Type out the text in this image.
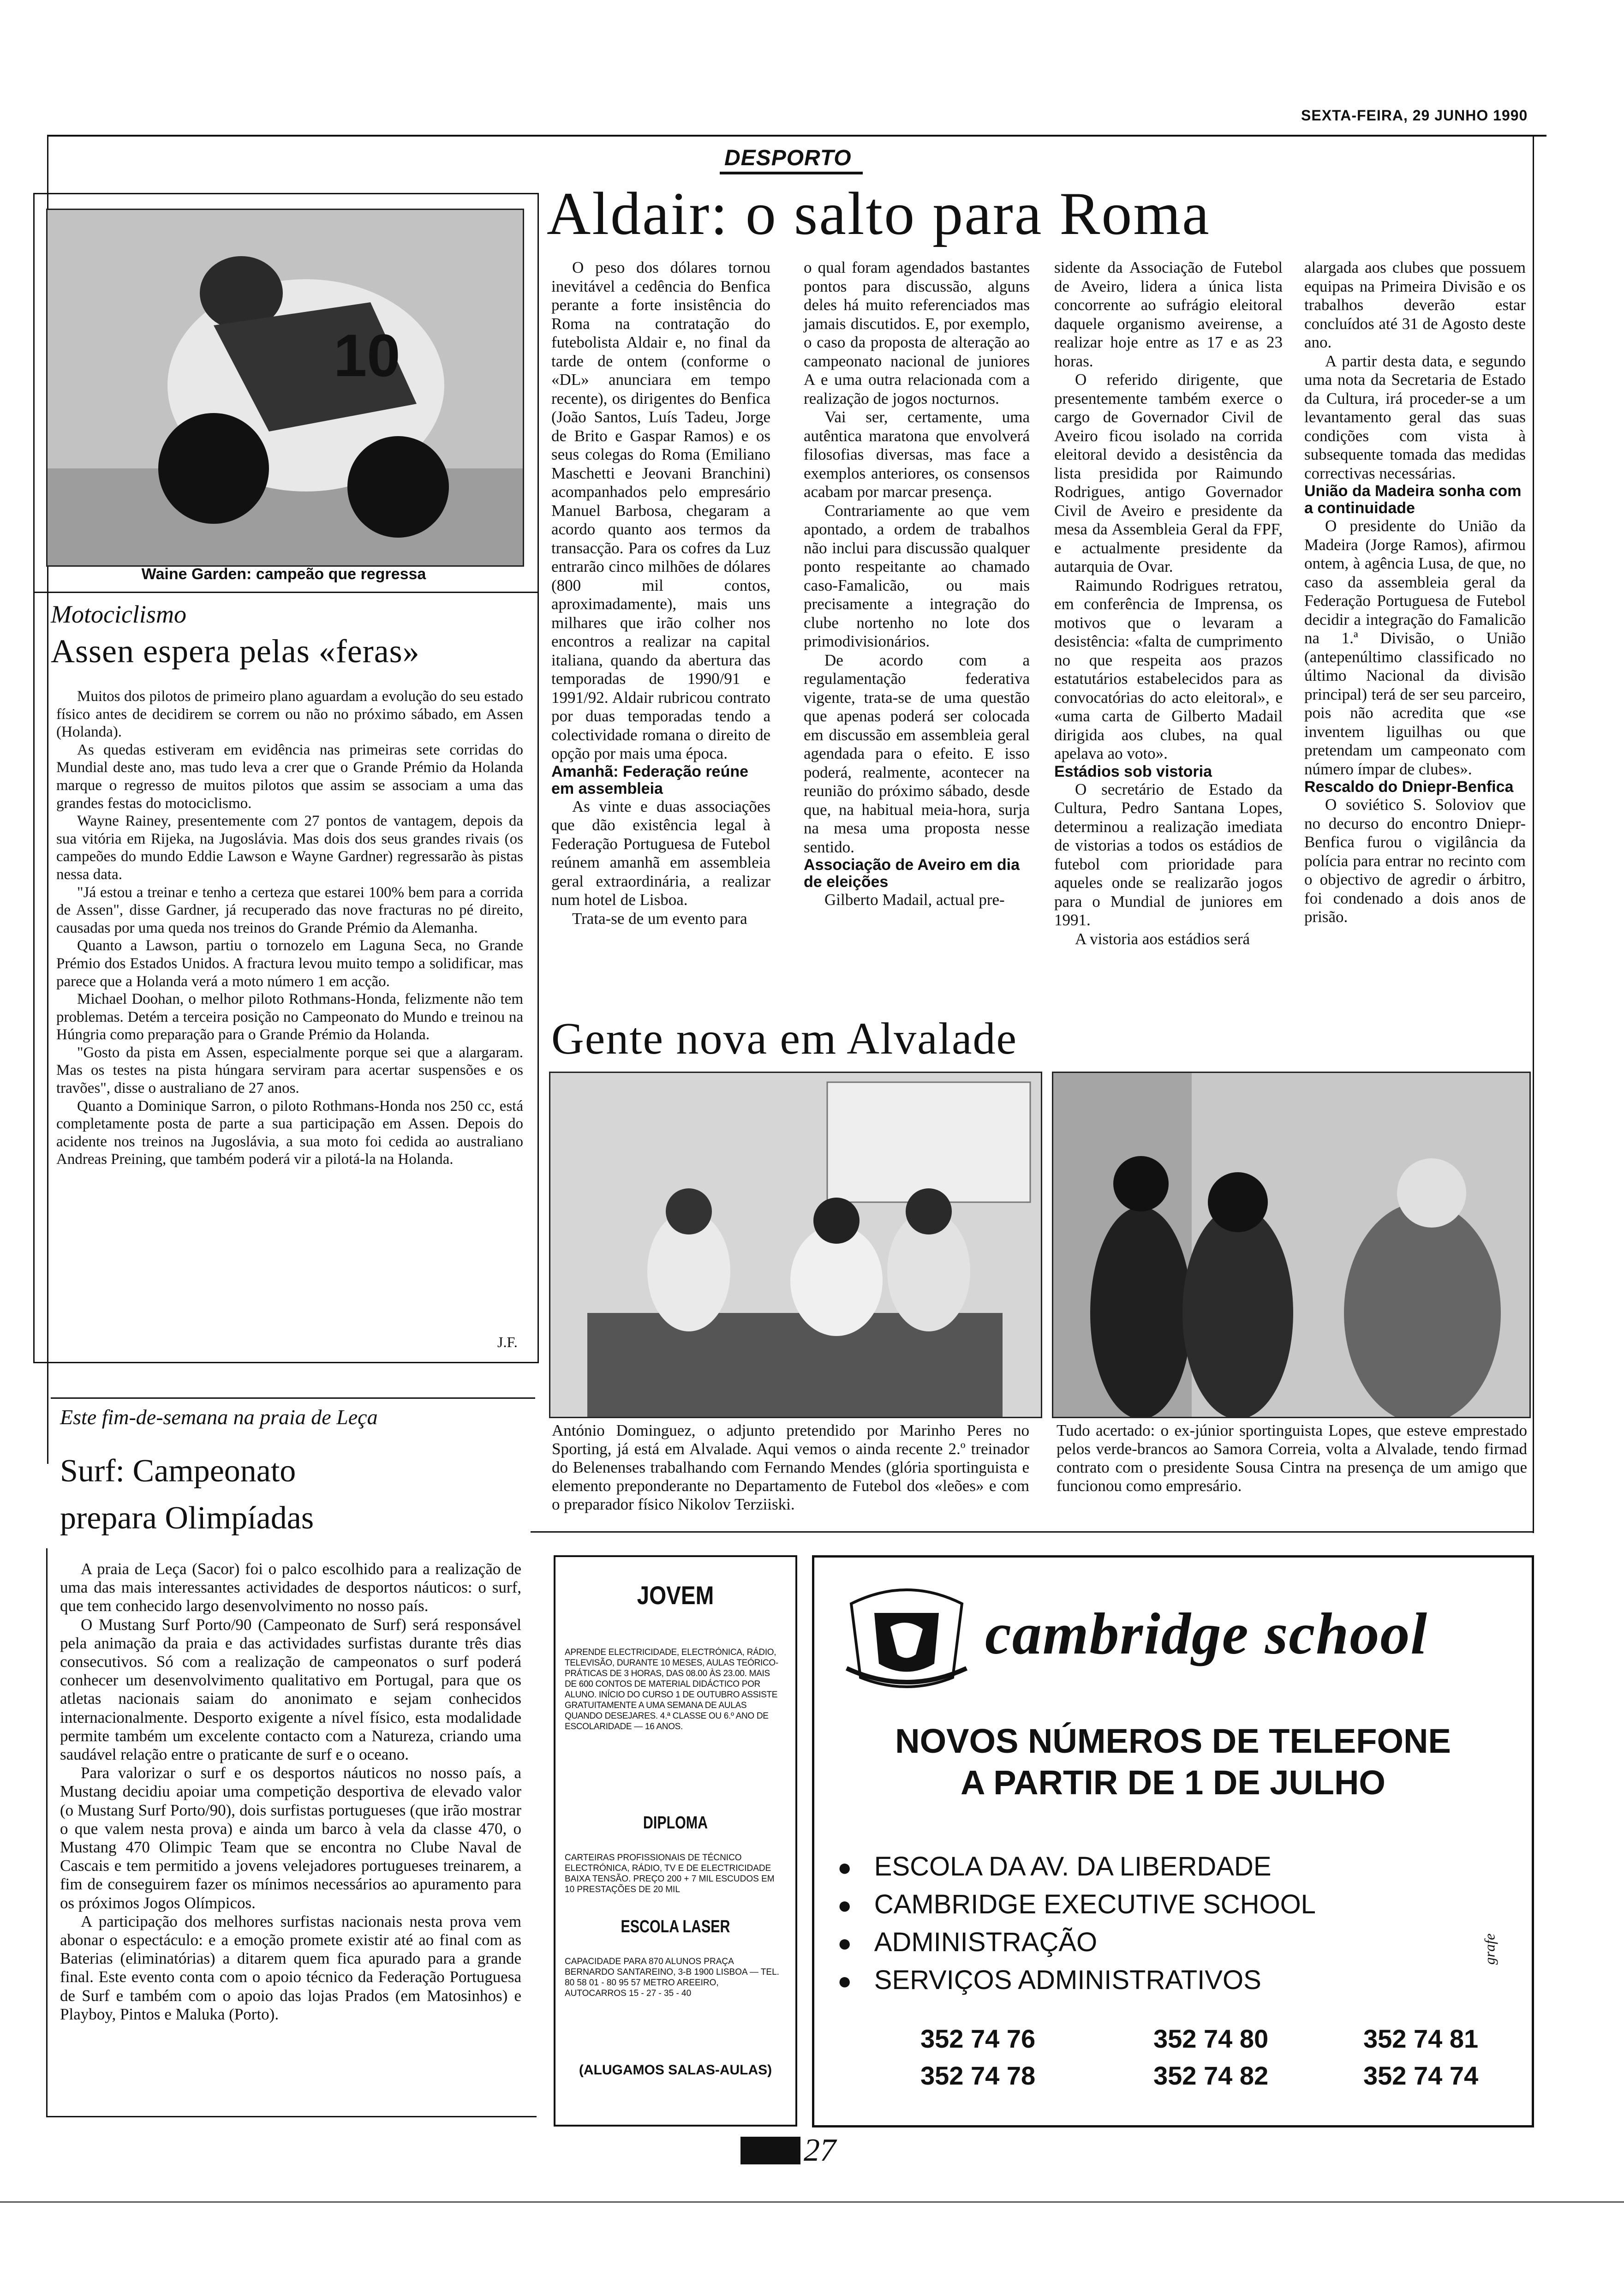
SEXTA-FEIRA, 29 JUNHO 1990
DESPORTO
10
Waine Garden: campeão que regressa
Motociclismo
Assen espera pelas «feras»

Muitos dos pilotos de primeiro plano aguardam a evolução do seu estado físico antes de decidirem se correm ou não no próximo sábado, em Assen (Holanda).

As quedas estiveram em evidência nas primeiras sete corridas do Mundial deste ano, mas tudo leva a crer que o Grande Prémio da Holanda marque o regresso de muitos pilotos que assim se associam a uma das grandes festas do motociclismo.

Wayne Rainey, presentemente com 27 pontos de vantagem, depois da sua vitória em Rijeka, na Jugoslávia. Mas dois dos seus grandes rivais (os campeões do mundo Eddie Lawson e Wayne Gardner) regressarão às pistas nessa data.

"Já estou a treinar e tenho a certeza que estarei 100% bem para a corrida de Assen", disse Gardner, já recuperado das nove fracturas no pé direito, causadas por uma queda nos treinos do Grande Prémio da Alemanha.

Quanto a Lawson, partiu o tornozelo em Laguna Seca, no Grande Prémio dos Estados Unidos. A fractura levou muito tempo a solidificar, mas parece que a Holanda verá a moto número 1 em acção.

Michael Doohan, o melhor piloto Rothmans-Honda, felizmente não tem problemas. Detém a terceira posição no Campeonato do Mundo e treinou na Húngria como preparação para o Grande Prémio da Holanda.

"Gosto da pista em Assen, especialmente porque sei que a alargaram. Mas os testes na pista húngara serviram para acertar suspensões e os travões", disse o australiano de 27 anos.

Quanto a Dominique Sarron, o piloto Rothmans-Honda nos 250 cc, está completamente posta de parte a sua participação em Assen. Depois do acidente nos treinos na Jugoslávia, a sua moto foi cedida ao australiano Andreas Preining, que também poderá vir a pilotá-la na Holanda.

J.F.
Aldair: o salto para Roma

O peso dos dólares tornou inevitável a cedência do Benfica perante a forte insistência do Roma na contratação do futebolista Aldair e, no final da tarde de ontem (conforme o «DL» anunciara em tempo recente), os dirigentes do Benfica (João Santos, Luís Tadeu, Jorge de Brito e Gaspar Ramos) e os seus colegas do Roma (Emiliano Maschetti e Jeovani Branchini) acompanhados pelo empresário Manuel Barbosa, chegaram a acordo quanto aos termos da transacção. Para os cofres da Luz entrarão cinco milhões de dólares (800 mil contos, aproximadamente), mais uns milhares que irão colher nos encontros a realizar na capital italiana, quando da abertura das temporadas de 1990/91 e 1991/92. Aldair rubricou contrato por duas temporadas tendo a colectividade romana o direito de opção por mais uma época.

Amanhã: Federação reúne em assembleia

As vinte e duas associações que dão existência legal à Federação Portuguesa de Futebol reúnem amanhã em assembleia geral extraordinária, a realizar num hotel de Lisboa.

Trata-se de um evento para

o qual foram agendados bastantes pontos para discussão, alguns deles há muito referenciados mas jamais discutidos. E, por exemplo, o caso da proposta de alteração ao campeonato nacional de juniores A e uma outra relacionada com a realização de jogos nocturnos.

Vai ser, certamente, uma autêntica maratona que envolverá filosofias diversas, mas face a exemplos anteriores, os consensos acabam por marcar presença.

Contrariamente ao que vem apontado, a ordem de trabalhos não inclui para discussão qualquer ponto respeitante ao chamado caso-Famalicão, ou mais precisamente a integração do clube nortenho no lote dos primodivisionários.

De acordo com a regulamentação federativa vigente, trata-se de uma questão que apenas poderá ser colocada em discussão em assembleia geral agendada para o efeito. E isso poderá, realmente, acontecer na reunião do próximo sábado, desde que, na habitual meia-hora, surja na mesa uma proposta nesse sentido.

Associação de Aveiro em dia de eleições

Gilberto Madail, actual pre-

sidente da Associação de Futebol de Aveiro, lidera a única lista concorrente ao sufrágio eleitoral daquele organismo aveirense, a realizar hoje entre as 17 e as 23 horas.

O referido dirigente, que presentemente também exerce o cargo de Governador Civil de Aveiro ficou isolado na corrida eleitoral devido a desistência da lista presidida por Raimundo Rodrigues, antigo Governador Civil de Aveiro e presidente da mesa da Assembleia Geral da FPF, e actualmente presidente da autarquia de Ovar.

Raimundo Rodrigues retratou, em conferência de Imprensa, os motivos que o levaram a desistência: «falta de cumprimento no que respeita aos prazos estatutários estabelecidos para as convocatórias do acto eleitoral», e «uma carta de Gilberto Madail dirigida aos clubes, na qual apelava ao voto».

Estádios sob vistoria

O secretário de Estado da Cultura, Pedro Santana Lopes, determinou a realização imediata de vistorias a todos os estádios de futebol com prioridade para aqueles onde se realizarão jogos para o Mundial de juniores em 1991.

A vistoria aos estádios será

alargada aos clubes que possuem equipas na Primeira Divisão e os trabalhos deverão estar concluídos até 31 de Agosto deste ano.

A partir desta data, e segundo uma nota da Secretaria de Estado da Cultura, irá proceder-se a um levantamento geral das suas condições com vista à subsequente tomada das medidas correctivas necessárias.

União da Madeira sonha com a continuidade

O presidente do União da Madeira (Jorge Ramos), afirmou ontem, à agência Lusa, de que, no caso da assembleia geral da Federação Portuguesa de Futebol decidir a integração do Famalicão na 1.ª Divisão, o União (antepenúltimo classificado no último Nacional da divisão principal) terá de ser seu parceiro, pois não acredita que «se inventem liguilhas ou que pretendam um campeonato com número ímpar de clubes».

Rescaldo do Dniepr-Benfica

O soviético S. Soloviov que no decurso do encontro Dniepr-Benfica furou o vigilância da polícia para entrar no recinto com o objectivo de agredir o árbitro, foi condenado a dois anos de prisão.

Gente nova em Alvalade
António Dominguez, o adjunto pretendido por Marinho Peres no Sporting, já está em Alvalade. Aqui vemos o ainda recente 2.º treinador do Belenenses trabalhando com Fernando Mendes (glória sportinguista e elemento preponderante no Departamento de Futebol dos «leões» e com o preparador físico Nikolov Terziiski.
Tudo acertado: o ex-júnior sportinguista Lopes, que esteve emprestado pelos verde-brancos ao Samora Correia, volta a Alvalade, tendo firmad contrato com o presidente Sousa Cintra na presença de um amigo que funcionou como empresário.
Este fim-de-semana na praia de Leça
Surf: Campeonato
prepara Olimpíadas

A praia de Leça (Sacor) foi o palco escolhido para a realização de uma das mais interessantes actividades de desportos náuticos: o surf, que tem conhecido largo desenvolvimento no nosso país.

O Mustang Surf Porto/90 (Campeonato de Surf) será responsável pela animação da praia e das actividades surfistas durante três dias consecutivos. Só com a realização de campeonatos o surf poderá conhecer um desenvolvimento qualitativo em Portugal, para que os atletas nacionais saiam do anonimato e sejam conhecidos internacionalmente. Desporto exigente a nível físico, esta modalidade permite também um excelente contacto com a Natureza, criando uma saudável relação entre o praticante de surf e o oceano.

Para valorizar o surf e os desportos náuticos no nosso país, a Mustang decidiu apoiar uma competição desportiva de elevado valor (o Mustang Surf Porto/90), dois surfistas portugueses (que irão mostrar o que valem nesta prova) e ainda um barco à vela da classe 470, o Mustang 470 Olimpic Team que se encontra no Clube Naval de Cascais e tem permitido a jovens velejadores portugueses treinarem, a fim de conseguirem fazer os mínimos necessários ao apuramento para os próximos Jogos Olímpicos.

A participação dos melhores surfistas nacionais nesta prova vem abonar o espectáculo: e a emoção promete existir até ao final com as Baterias (eliminatórias) a ditarem quem fica apurado para a grande final. Este evento conta com o apoio técnico da Federação Portuguesa de Surf e também com o apoio das lojas Prados (em Matosinhos) e Playboy, Pintos e Maluka (Porto).

JOVEM
APRENDE ELECTRICIDADE, ELECTRÓNICA, RÁDIO, TELEVISÃO, DURANTE 10 MESES, AULAS TEÓRICO-PRÁTICAS DE 3 HORAS, DAS 08.00 ÀS 23.00. MAIS DE 600 CONTOS DE MATERIAL DIDÁCTICO POR ALUNO. INÍCIO DO CURSO 1 DE OUTUBRO ASSISTE GRATUITAMENTE A UMA SEMANA DE AULAS QUANDO DESEJARES. 4.ª CLASSE OU 6.º ANO DE ESCOLARIDADE — 16 ANOS.
DIPLOMA
CARTEIRAS PROFISSIONAIS DE TÉCNICO ELECTRÓNICA, RÁDIO, TV E DE ELECTRICIDADE BAIXA TENSÃO. PREÇO 200 + 7 MIL ESCUDOS EM 10 PRESTAÇÕES DE 20 MIL
ESCOLA LASER
CAPACIDADE PARA 870 ALUNOS PRAÇA BERNARDO SANTAREINO, 3-B 1900 LISBOA — TEL. 80 58 01 - 80 95 57 METRO AREEIRO, AUTOCARROS 15 - 27 - 35 - 40
(ALUGAMOS SALAS-AULAS)
cambridge school
NOVOS NÚMEROS DE TELEFONE
A PARTIR DE 1 DE JULHO
● ESCOLA DA AV. DA LIBERDADE
● CAMBRIDGE EXECUTIVE SCHOOL
● ADMINISTRAÇÃO
● SERVIÇOS ADMINISTRATIVOS
grafe
352 74 76	352 74 80	352 74 81
352 74 78	352 74 82	352 74 74
27
